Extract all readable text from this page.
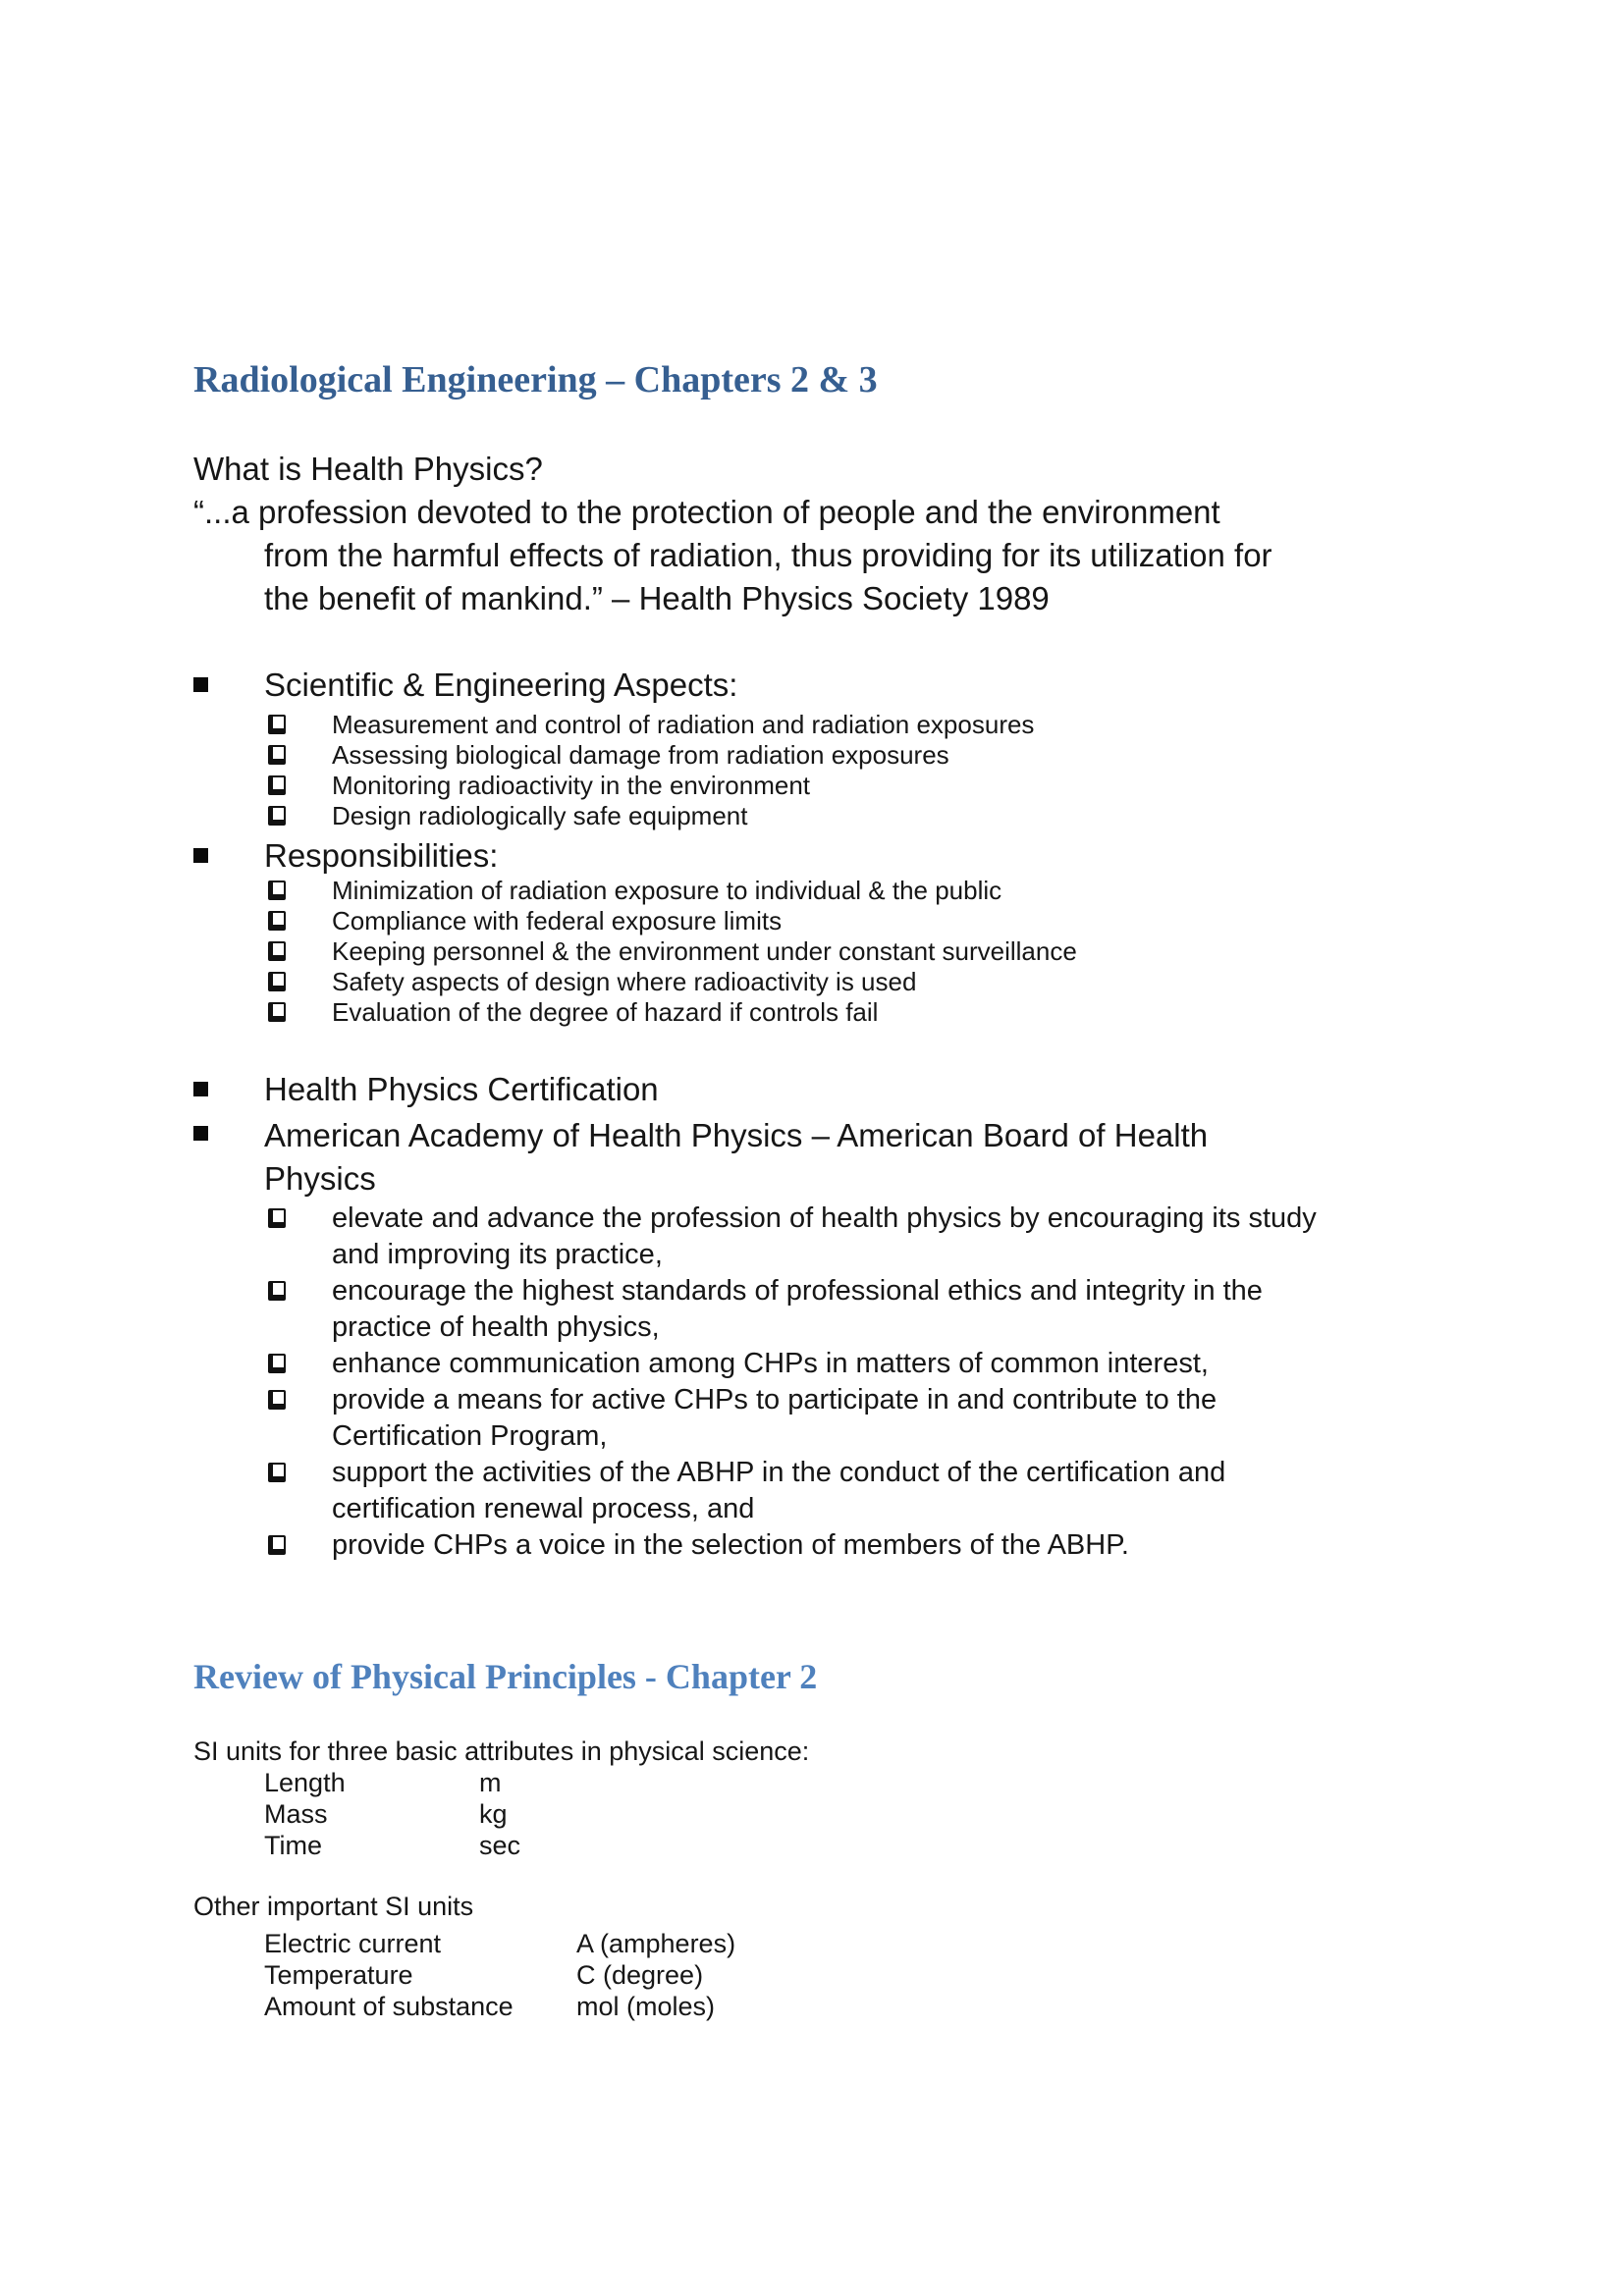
Radiological Engineering – Chapters 2 & 3

What is Health Physics?

“...a profession devoted to the protection of people and the environment
from the harmful effects of radiation, thus providing for its utilization for
the benefit of mankind.” – Health Physics Society 1989
Scientific & Engineering Aspects:
Measurement and control of radiation and radiation exposures
Assessing biological damage from radiation exposures
Monitoring radioactivity in the environment
Design radiologically safe equipment
Responsibilities:
Minimization of radiation exposure to individual & the public
Compliance with federal exposure limits
Keeping personnel & the environment under constant surveillance
Safety aspects of design where radioactivity is used
Evaluation of the degree of hazard if controls fail
Health Physics Certification
American Academy of Health Physics – American Board of Health
Physics
elevate and advance the profession of health physics by encouraging its study
and improving its practice,
encourage the highest standards of professional ethics and integrity in the
practice of health physics,
enhance communication among CHPs in matters of common interest,
provide a means for active CHPs to participate in and contribute to the
Certification Program,
support the activities of the ABHP in the conduct of the certification and
certification renewal process, and
provide CHPs a voice in the selection of members of the ABHP.
Review of Physical Principles - Chapter 2

SI units for three basic attributes in physical science:

Length	m
Mass	kg
Time	sec

Other important SI units

Electric current	A (ampheres)
Temperature	C (degree)
Amount of substance	mol (moles)
